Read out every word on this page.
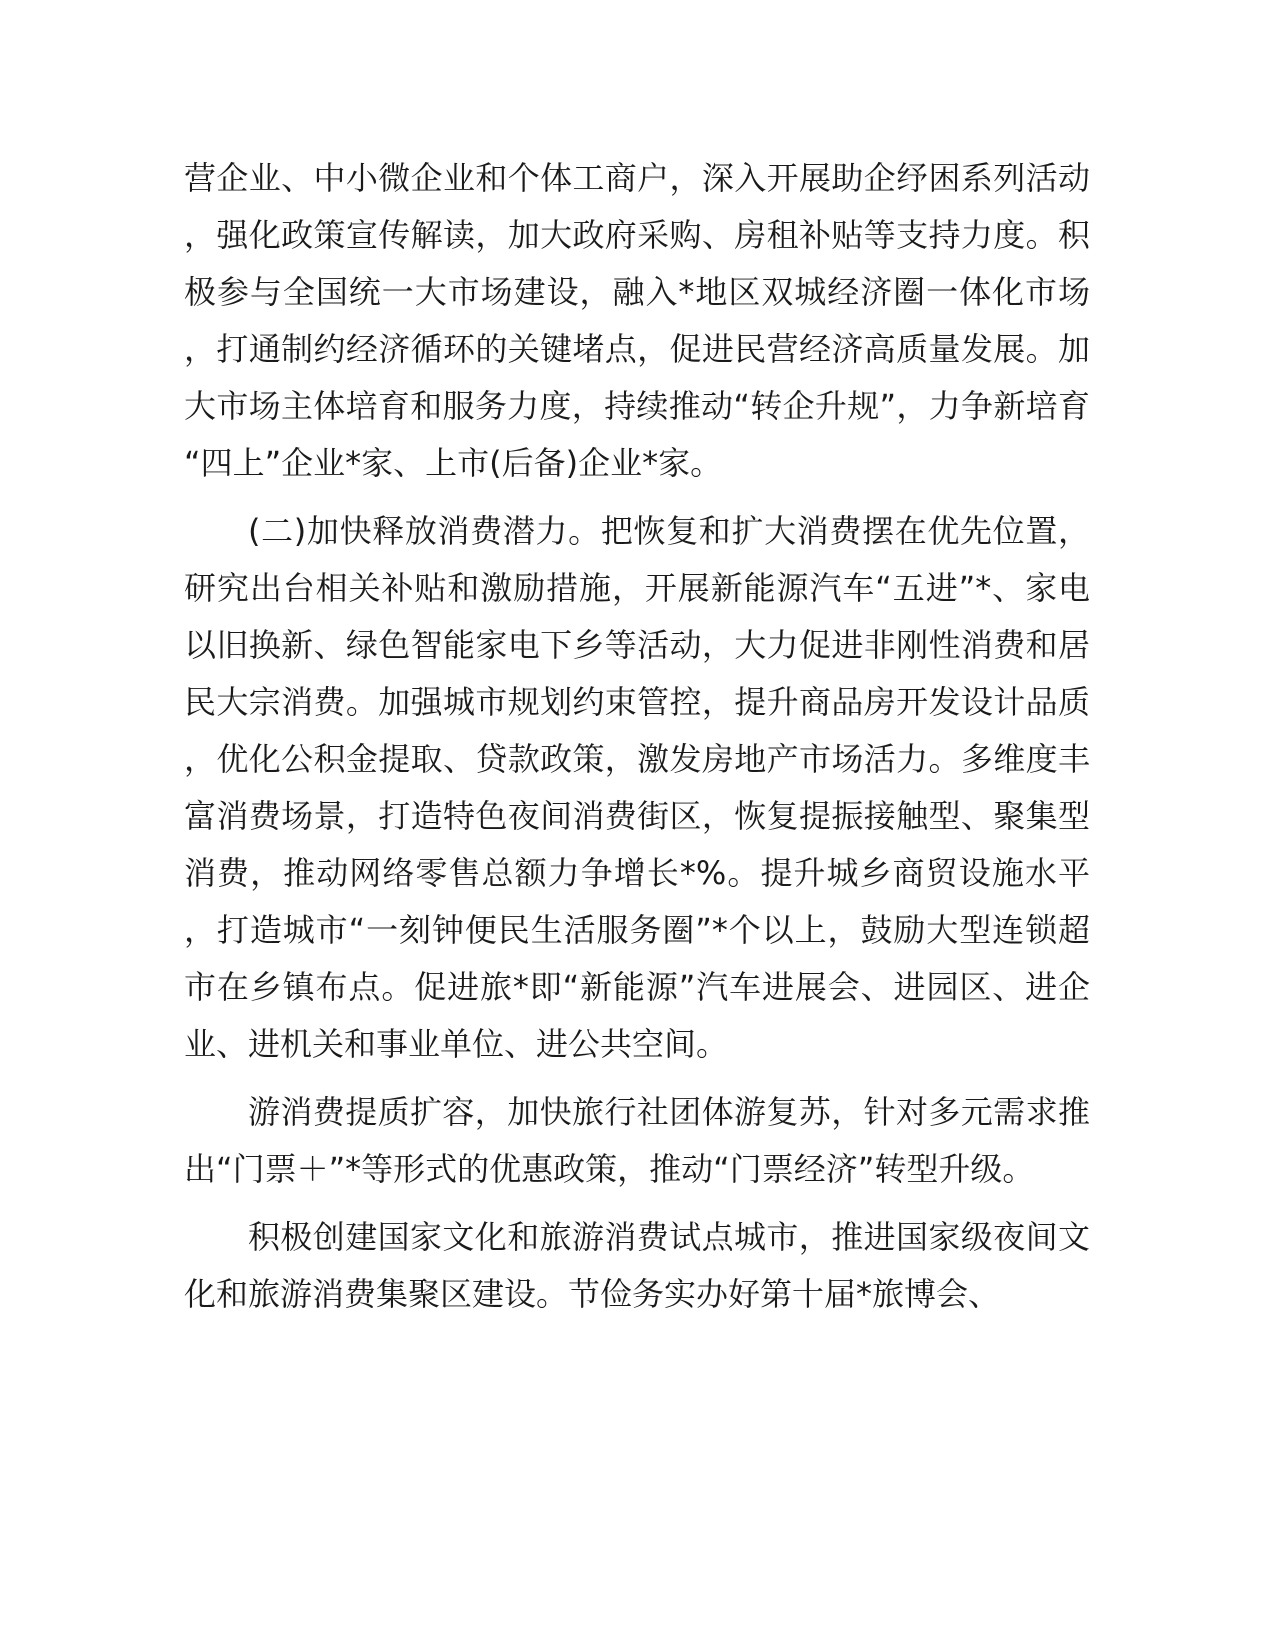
营企业、中小微企业和个体工商户，深入开展助企纾困系列活动，强化政策宣传解读，加大政府采购、房租补贴等支持力度。积极参与全国统一大市场建设，融入*地区双城经济圈一体化市场，打通制约经济循环的关键堵点，促进民营经济高质量发展。加大市场主体培育和服务力度，持续推动“转企升规”，力争新培育“四上”企业*家、上市(后备)企业*家。

(二)加快释放消费潜力。把恢复和扩大消费摆在优先位置，研究出台相关补贴和激励措施，开展新能源汽车“五进”*、家电以旧换新、绿色智能家电下乡等活动，大力促进非刚性消费和居民大宗消费。加强城市规划约束管控，提升商品房开发设计品质，优化公积金提取、贷款政策，激发房地产市场活力。多维度丰富消费场景，打造特色夜间消费街区，恢复提振接触型、聚集型消费，推动网络零售总额力争增长*%。提升城乡商贸设施水平，打造城市“一刻钟便民生活服务圈”*个以上，鼓励大型连锁超市在乡镇布点。促进旅*即“新能源”汽车进展会、进园区、进企业、进机关和事业单位、进公共空间。

游消费提质扩容，加快旅行社团体游复苏，针对多元需求推出“门票＋”*等形式的优惠政策，推动“门票经济”转型升级。

积极创建国家文化和旅游消费试点城市，推进国家级夜间文化和旅游消费集聚区建设。节俭务实办好第十届*旅博会、
